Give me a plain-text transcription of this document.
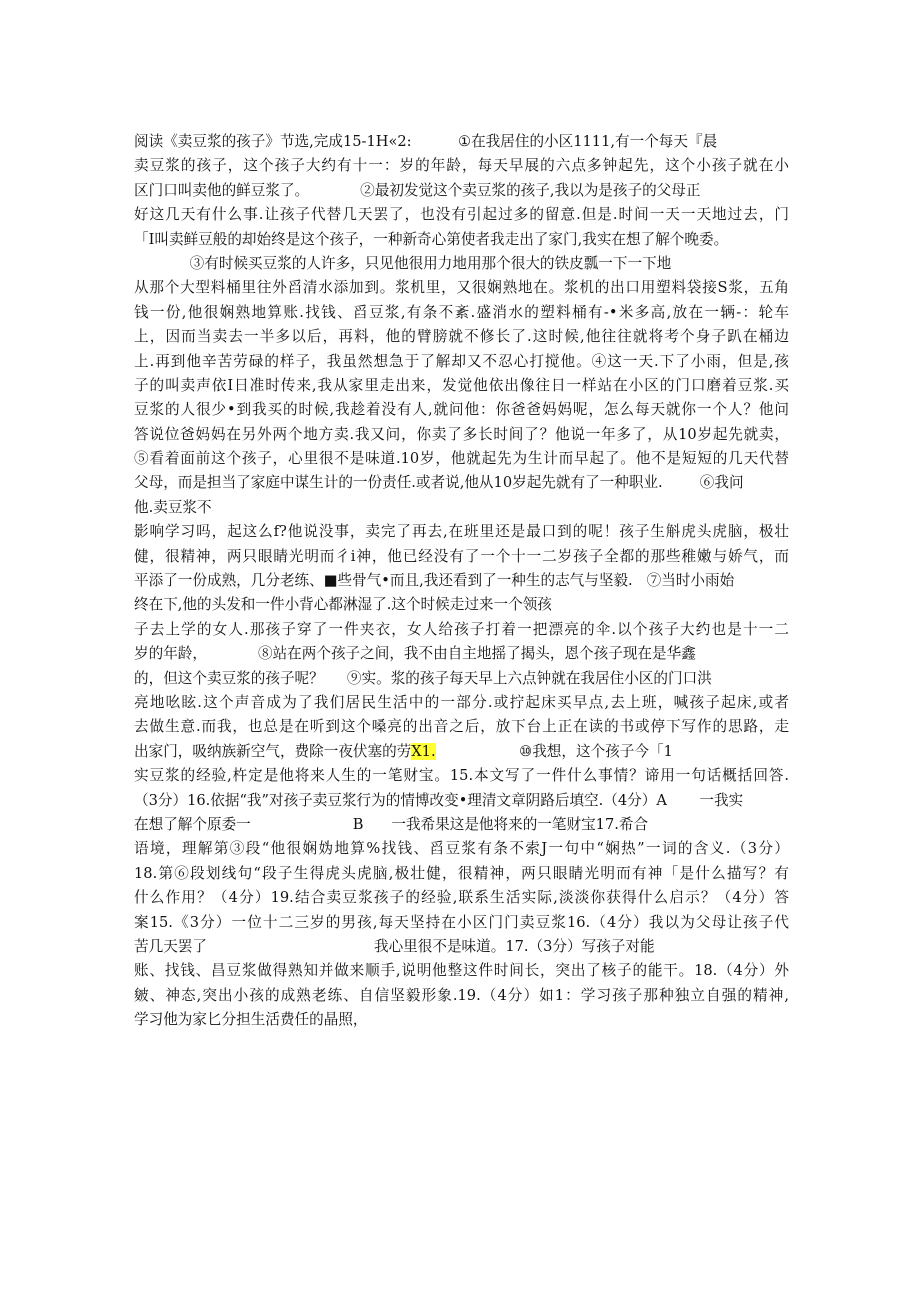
阅读《卖豆浆的孩子》节选,完成15-1H«2:          ①在我居住的小区1111,有一个每天『晨
卖豆浆的孩子，这个孩子大约有十一：岁的年龄，每天早展的六点多钟起先，这个小孩子就在小
区门口叫卖他的鲜豆浆了。           ②最初发觉这个卖豆浆的孩子,我以为是孩子的父母正
好这几天有什么事.让孩子代替几天罢了，也没有引起过多的留意.但是.时间一天一天地过去，门
「I叫卖鲜豆般的却始终是这个孩子，一种新奇心第使者我走出了家门,我实在想了解个晚委。
③有时候买豆浆的人许多，只见他很用力地用那个很大的铁皮瓢一下一下地
从那个大型料桶里往外舀清水添加到。浆机里，又很娴熟地在。浆机的出口用塑料袋接S浆，五角
钱一份,他很娴熟地算账.找钱、舀豆浆,有条不紊.盛消水的塑料桶有-•米多高,放在一辆-：轮车
上，因而当卖去一半多以后，再料，他的臂膀就不修长了.这时候,他往往就将考个身子趴在桶边
上.再到他辛苦劳碌的样子，我虽然想急于了解却又不忍心打搅他。④这一天.下了小雨，但是,孩
子的叫卖声依I日准时传来,我从家里走出来，发觉他依出像往日一样站在小区的门口磨着豆浆.买
豆浆的人很少•到我买的时候,我趁着没有人,就问他：你爸爸妈妈呢，怎么每天就你一个人？他问
答说位爸妈妈在另外两个地方卖.我又问，你卖了多长时间了？他说一年多了，从10岁起先就卖，
⑤看着面前这个孩子，心里很不是味道.10岁，他就起先为生计而早起了。他不是短短的几天代替
父母，而是担当了家庭中谋生计的一份责任.或者说,他从10岁起先就有了一种职业.        ⑥我问
他.卖豆浆不
影响学习吗，起这么f?他说没事，卖完了再去,在班里还是最口到的呢！孩子生斛虎头虎脑，极壮
健，很精神，两只眼睛光明而彳i神，他已经没有了一个十一二岁孩子全都的那些稚嫩与娇气，而
平添了一份成熟，几分老练、■些骨气•而且,我还看到了一种生的志气与坚毅.   ⑦当时小雨始
终在下,他的头发和一件小背心都淋湿了.这个时候走过来一个领孩
子去上学的女人.那孩子穿了一件夹衣，女人给孩子打着一把漂亮的伞.以个孩子大约也是十一二
岁的年龄，           ⑧站在两个孩子之间，我不由自主地摇了揭头，恩个孩子现在是华鑫
的，但这个卖豆浆的孩子呢？     ⑨实。浆的孩子每天早上六点钟就在我居住小区的门口洪
亮地吆眩.这个声音成为了我们居民生活中的一部分.或拧起床买早点,去上班，喊孩子起床,或者
去做生意.而我，也总是在听到这个嗓亮的出音之后，放下台上正在读的书或停下写作的思路，走
出家门，吸纳族新空气，费除一夜伏塞的劳X1.                  ⑩我想，这个孩子今「1
实豆浆的经验,杵定是他将来人生的一笔财宝。15.本文写了一件什么事情？谛用一句话概括回答.
（3分）16.依据“我”对孩子卖豆浆行为的情博改变•理清文章阴路后填空.（4分）A       一我实
在想了解个原委一                      B      一我希果这是他将来的一笔财宝17.希合
语境，理解第③段“他很娴妫地算%找钱、舀豆浆有条不索J一句中“娴热”一词的含义.（3分）
18.第⑥段划线句“段子生得虎头虎脑,极壮健，很精神，两只眼睛光明而有神「是什么描写？有
什么作用？（4分）19.结合卖豆浆孩子的经验,联系生活实际,淡淡你获得什么启示？（4分）答
案15.《3分）一位十二三岁的男孩,每天坚持在小区门门卖豆浆16.（4分）我以为父母让孩子代
苦几天罢了                                    我心里很不是味道。17.（3分）写孩子对能
账、找钱、昌豆浆做得熟知并做来顺手,说明他整这件时间长，突出了核子的能干。18.（4分）外
皴、神态,突出小孩的成熟老练、自信坚毅形象.19.（4分）如1：学习孩子那种独立自强的精神,
学习他为家匕分担生活费任的晶照，
